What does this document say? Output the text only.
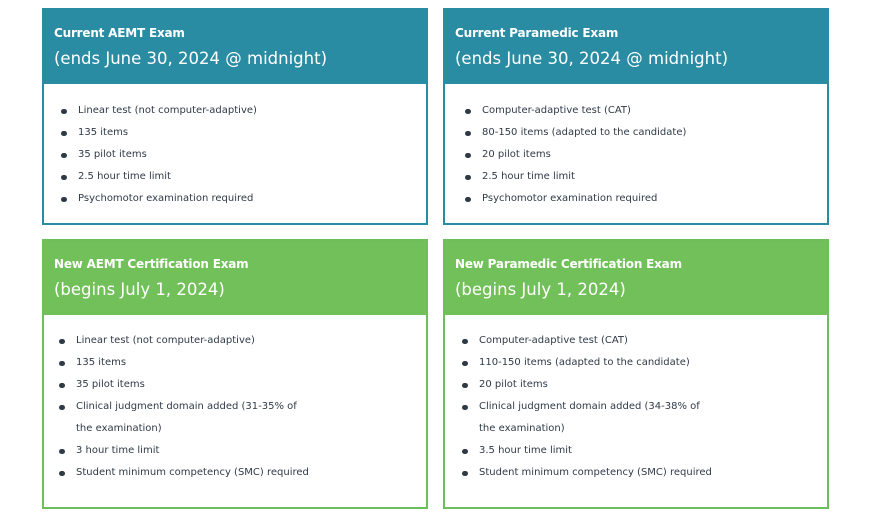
Current AEMT Exam
(ends June 30, 2024 @ midnight)
Linear test (not computer-adaptive)
135 items
35 pilot items
2.5 hour time limit
Psychomotor examination required
Current Paramedic Exam
(ends June 30, 2024 @ midnight)
Computer-adaptive test (CAT)
80-150 items (adapted to the candidate)
20 pilot items
2.5 hour time limit
Psychomotor examination required
New AEMT Certification Exam
(begins July 1, 2024)
Linear test (not computer-adaptive)
135 items
35 pilot items
Clinical judgment domain added (31-35% of
the examination)
3 hour time limit
Student minimum competency (SMC) required
New Paramedic Certification Exam
(begins July 1, 2024)
Computer-adaptive test (CAT)
110-150 items (adapted to the candidate)
20 pilot items
Clinical judgment domain added (34-38% of
the examination)
3.5 hour time limit
Student minimum competency (SMC) required
